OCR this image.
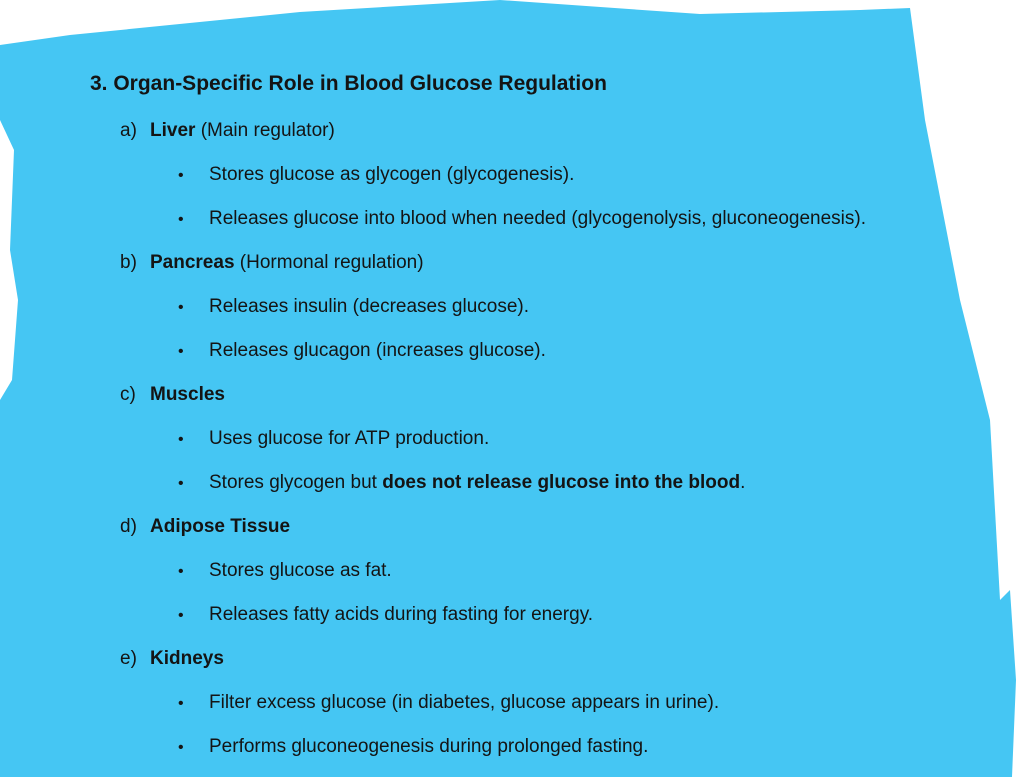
3. Organ-Specific Role in Blood Glucose Regulation
a) Liver (Main regulator)
• Stores glucose as glycogen (glycogenesis).
• Releases glucose into blood when needed (glycogenolysis, gluconeogenesis).
b) Pancreas (Hormonal regulation)
• Releases insulin (decreases glucose).
• Releases glucagon (increases glucose).
c) Muscles
• Uses glucose for ATP production.
• Stores glycogen but does not release glucose into the blood.
d) Adipose Tissue
• Stores glucose as fat.
• Releases fatty acids during fasting for energy.
e) Kidneys
• Filter excess glucose (in diabetes, glucose appears in urine).
• Performs gluconeogenesis during prolonged fasting.
